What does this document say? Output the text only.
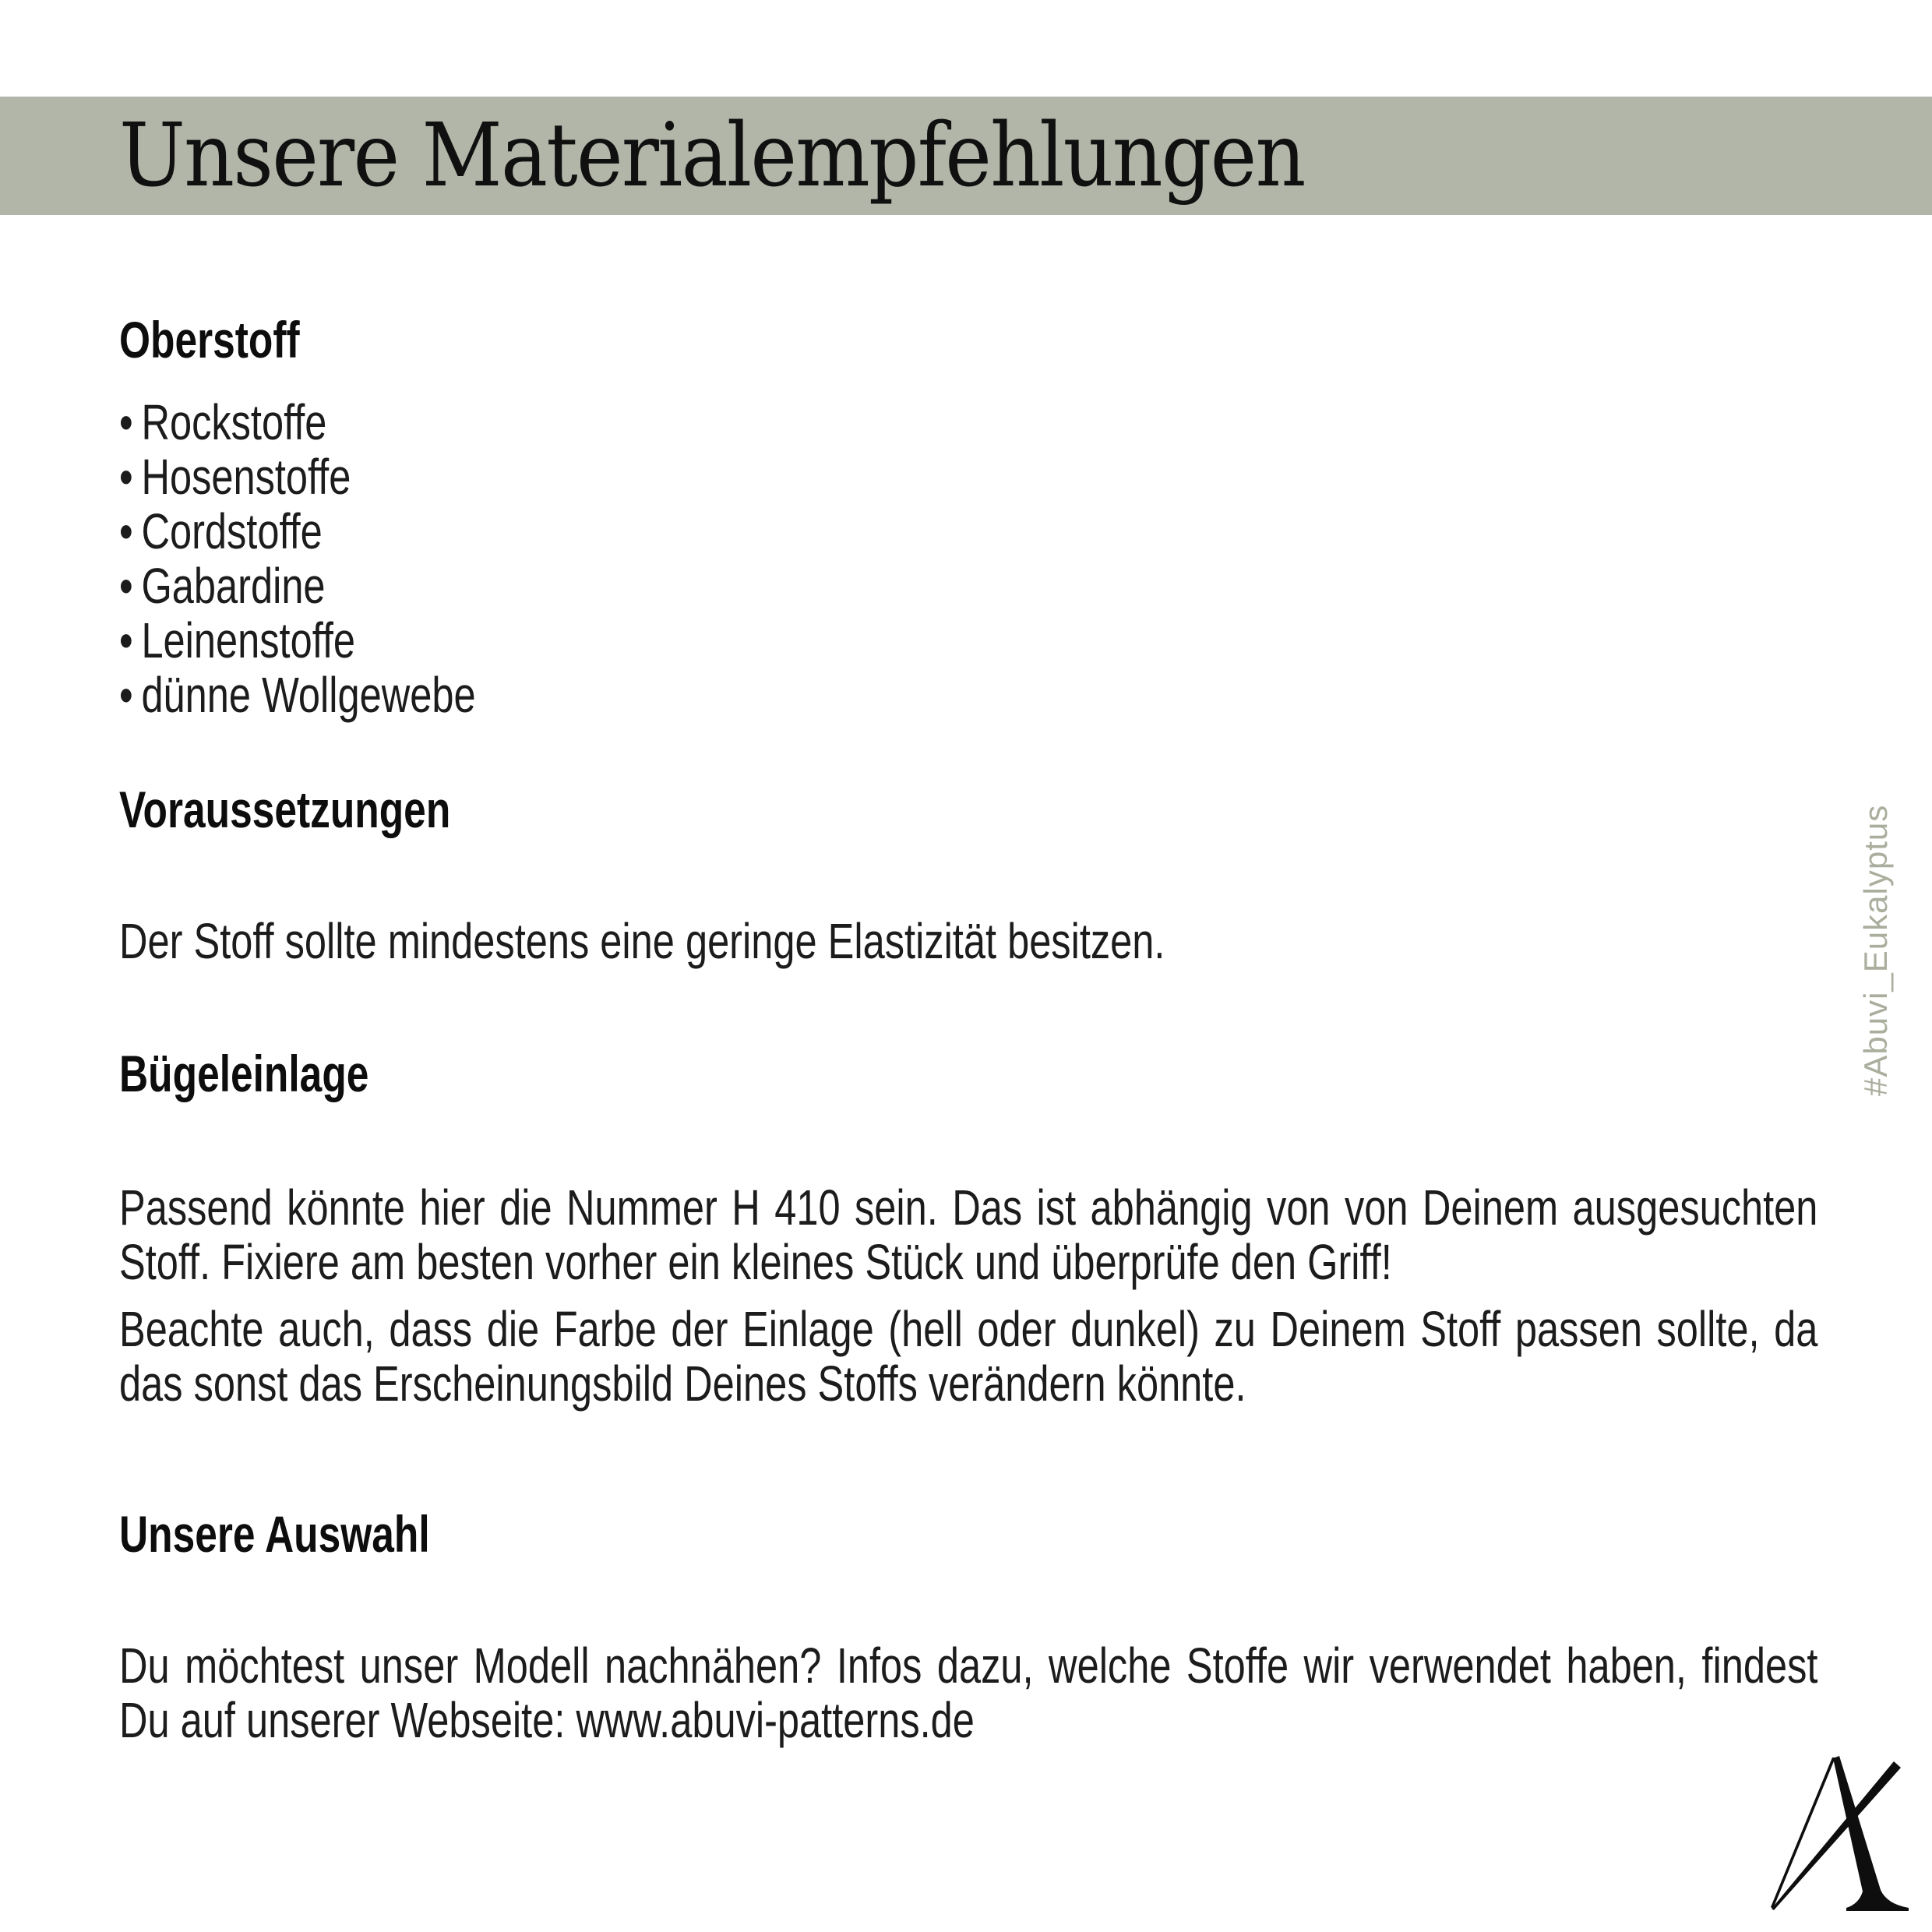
Unsere Materialempfehlungen
Oberstoff
• Rockstoffe
• Hosenstoffe
• Cordstoffe
• Gabardine
• Leinenstoffe
• dünne Wollgewebe
Voraussetzungen

Der Stoff sollte mindestens eine geringe Elastizität besitzen.

Bügeleinlage

Passend könnte hier die Nummer H 410 sein. Das ist abhängig von von Deinem ausgesuchten Stoff. Fixiere am besten vorher ein kleines Stück und überprüfe den Griff!

Beachte auch, dass die Farbe der Einlage (hell oder dunkel) zu Deinem Stoff passen sollte, da das sonst das Erscheinungsbild Deines Stoffs verändern könnte.

Unsere Auswahl

Du möchtest unser Modell nachnähen? Infos dazu, welche Stoffe wir verwendet haben, findest Du auf unserer Webseite: www.abuvi-patterns.de

#Abuvi_Eukalyptus
